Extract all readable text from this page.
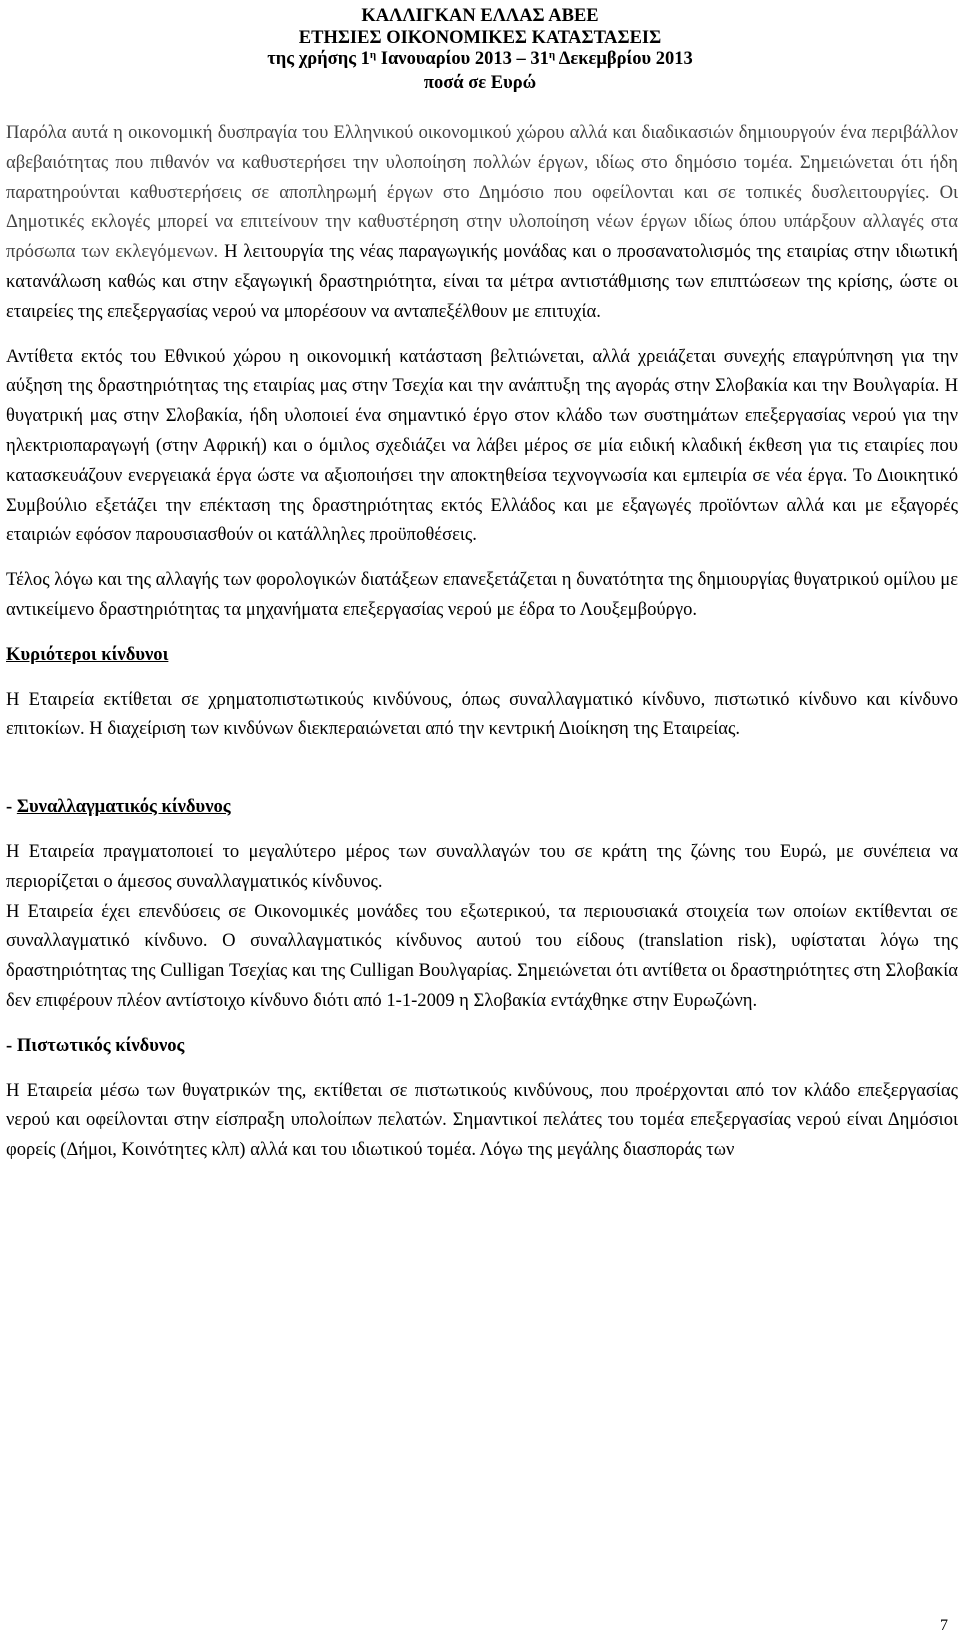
ΚΑΛΛΙΓΚΑΝ ΕΛΛΑΣ ΑΒΕΕ
ΕΤΗΣΙΕΣ ΟΙΚΟΝΟΜΙΚΕΣ ΚΑΤΑΣΤΑΣΕΙΣ
της χρήσης $1^\eta$ Ιανουαρίου $2013 - 31^\eta$ Δεκεμβρίου 2013
ποσά σε Ευρώ

Παρόλα αυτά η οικονομική δυσπραγία του Ελληνικού οικονομικού χώρου αλλά και διαδικασιών δημιουργούν ένα περιβάλλον αβεβαιότητας που πιθανόν να καθυστερήσει την υλοποίηση πολλών έργων, ιδίως στο δημόσιο τομέα. Σημειώνεται ότι ήδη παρατηρούνται καθυστερήσεις σε αποπληρωμή έργων στο Δημόσιο που οφείλονται και σε τοπικές δυσλειτουργίες. Οι Δημοτικές εκλογές μπορεί να επιτείνουν την καθυστέρηση στην υλοποίηση νέων έργων ιδίως όπου υπάρξουν αλλαγές στα πρόσωπα των εκλεγόμενων. Η λειτουργία της νέας παραγωγικής μονάδας και ο προσανατολισμός της εταιρίας στην ιδιωτική κατανάλωση καθώς και στην εξαγωγική δραστηριότητα, είναι τα μέτρα αντιστάθμισης των επιπτώσεων της κρίσης, ώστε οι εταιρείες της επεξεργασίας νερού να μπορέσουν να ανταπεξέλθουν με επιτυχία.

Αντίθετα εκτός του Εθνικού χώρου η οικονομική κατάσταση βελτιώνεται, αλλά χρειάζεται συνεχής επαγρύπνηση για την αύξηση της δραστηριότητας της εταιρίας μας στην Τσεχία και την ανάπτυξη της αγοράς στην Σλοβακία και την Βουλγαρία. Η θυγατρική μας στην Σλοβακία, ήδη υλοποιεί ένα σημαντικό έργο στον κλάδο των συστημάτων επεξεργασίας νερού για την ηλεκτριοπαραγωγή (στην Αφρική) και ο όμιλος σχεδιάζει να λάβει μέρος σε μία ειδική κλαδική έκθεση για τις εταιρίες που κατασκευάζουν ενεργειακά έργα ώστε να αξιοποιήσει την αποκτηθείσα τεχνογνωσία και εμπειρία σε νέα έργα. Το Διοικητικό Συμβούλιο εξετάζει την επέκταση της δραστηριότητας εκτός Ελλάδος και με εξαγωγές προϊόντων αλλά και με εξαγορές εταιριών εφόσον παρουσιασθούν οι κατάλληλες προϋποθέσεις.

Τέλος λόγω και της αλλαγής των φορολογικών διατάξεων επανεξετάζεται η δυνατότητα της δημιουργίας θυγατρικού ομίλου με αντικείμενο δραστηριότητας τα μηχανήματα επεξεργασίας νερού με έδρα το Λουξεμβούργο.

Κυριότεροι κίνδυνοι

Η Εταιρεία εκτίθεται σε χρηματοπιστωτικούς κινδύνους, όπως συναλλαγματικό κίνδυνο, πιστωτικό κίνδυνο και κίνδυνο επιτοκίων. Η διαχείριση των κινδύνων διεκπεραιώνεται από την κεντρική Διοίκηση της Εταιρείας.

- Συναλλαγματικός κίνδυνος

Η Εταιρεία πραγματοποιεί το μεγαλύτερο μέρος των συναλλαγών του σε κράτη της ζώνης του Ευρώ, με συνέπεια να περιορίζεται ο άμεσος συναλλαγματικός κίνδυνος.

Η Εταιρεία έχει επενδύσεις σε Οικονομικές μονάδες του εξωτερικού, τα περιουσιακά στοιχεία των οποίων εκτίθενται σε συναλλαγματικό κίνδυνο. Ο συναλλαγματικός κίνδυνος αυτού του είδους (translation risk), υφίσταται λόγω της δραστηριότητας της Culligan Τσεχίας και της Culligan Βουλγαρίας. Σημειώνεται ότι αντίθετα οι δραστηριότητες στη Σλοβακία δεν επιφέρουν πλέον αντίστοιχο κίνδυνο διότι από 1-1-2009 η Σλοβακία εντάχθηκε στην Ευρωζώνη.

- Πιστωτικός κίνδυνος

Η Εταιρεία μέσω των θυγατρικών της, εκτίθεται σε πιστωτικούς κινδύνους, που προέρχονται από τον κλάδο επεξεργασίας νερού και οφείλονται στην είσπραξη υπολοίπων πελατών. Σημαντικοί πελάτες του τομέα επεξεργασίας νερού είναι Δημόσιοι φορείς (Δήμοι, Κοινότητες κλπ) αλλά και του ιδιωτικού τομέα. Λόγω της μεγάλης διασποράς των

7
